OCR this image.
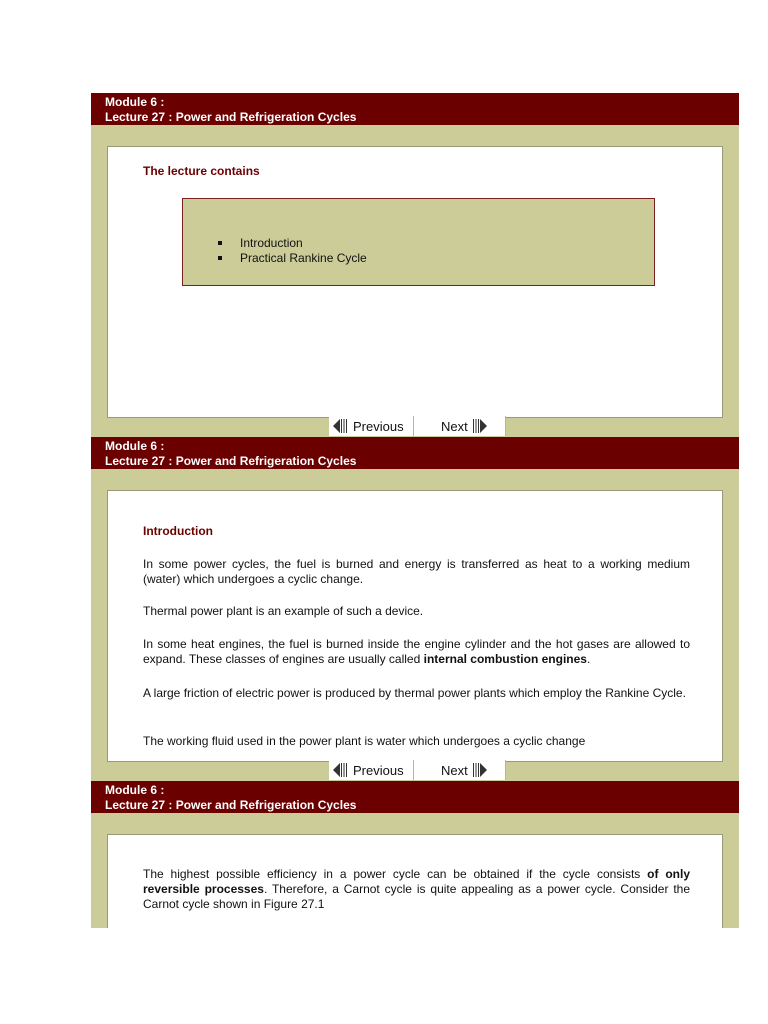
Module 6 :
Lecture 27 : Power and Refrigeration Cycles
The lecture contains
Introduction
Practical Rankine Cycle
Previous	Next
Module 6 :
Lecture 27 : Power and Refrigeration Cycles
Introduction
In some power cycles, the fuel is burned and energy is transferred as heat to a working medium (water) which undergoes a cyclic change.
Thermal power plant is an example of such a device.
In some heat engines, the fuel is burned inside the engine cylinder and the hot gases are allowed to expand. These classes of engines are usually called internal combustion engines.
A large friction of electric power is produced by thermal power plants which employ the Rankine Cycle.
The working fluid used in the power plant is water which undergoes a cyclic change
Previous	Next
Module 6 :
Lecture 27 : Power and Refrigeration Cycles
The highest possible efficiency in a power cycle can be obtained if the cycle consists of only reversible processes. Therefore, a Carnot cycle is quite appealing as a power cycle. Consider the Carnot cycle shown in Figure 27.1
